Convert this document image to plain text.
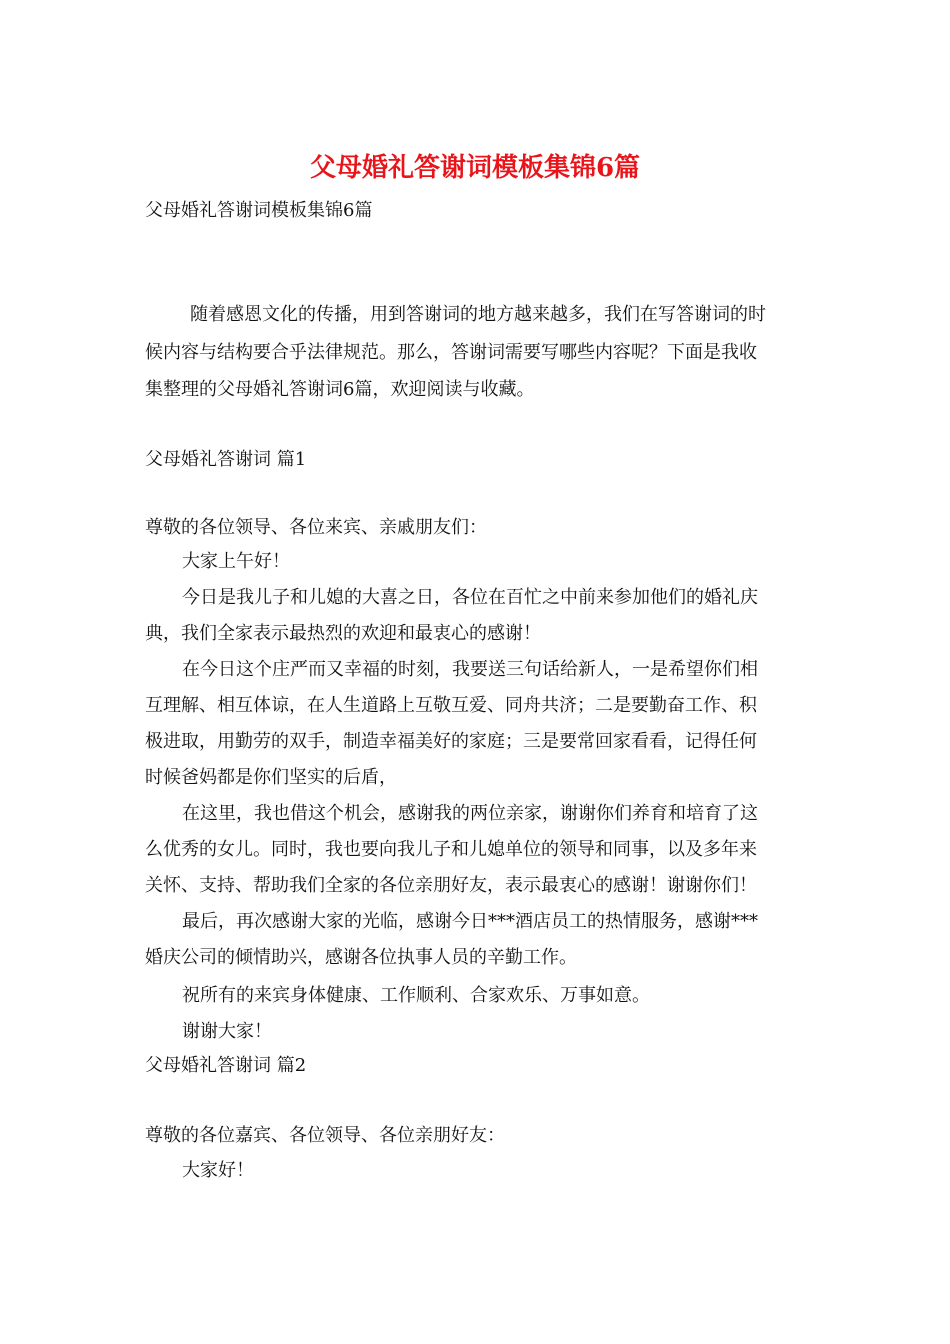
父母婚礼答谢词模板集锦6篇
父母婚礼答谢词模板集锦6篇
随着感恩文化的传播，用到答谢词的地方越来越多，我们在写答谢词的时
候内容与结构要合乎法律规范。那么，答谢词需要写哪些内容呢？下面是我收
集整理的父母婚礼答谢词6篇，欢迎阅读与收藏。
父母婚礼答谢词 篇1
尊敬的各位领导、各位来宾、亲戚朋友们：
大家上午好！
今日是我儿子和儿媳的大喜之日，各位在百忙之中前来参加他们的婚礼庆
典，我们全家表示最热烈的欢迎和最衷心的感谢！
在今日这个庄严而又幸福的时刻，我要送三句话给新人，一是希望你们相
互理解、相互体谅，在人生道路上互敬互爱、同舟共济；二是要勤奋工作、积
极进取，用勤劳的双手，制造幸福美好的家庭；三是要常回家看看，记得任何
时候爸妈都是你们坚实的后盾，
在这里，我也借这个机会，感谢我的两位亲家，谢谢你们养育和培育了这
么优秀的女儿。同时，我也要向我儿子和儿媳单位的领导和同事，以及多年来
关怀、支持、帮助我们全家的各位亲朋好友，表示最衷心的感谢！谢谢你们！
最后，再次感谢大家的光临，感谢今日***酒店员工的热情服务，感谢***
婚庆公司的倾情助兴，感谢各位执事人员的辛勤工作。
祝所有的来宾身体健康、工作顺利、合家欢乐、万事如意。
谢谢大家！
父母婚礼答谢词 篇2
尊敬的各位嘉宾、各位领导、各位亲朋好友：
大家好！
